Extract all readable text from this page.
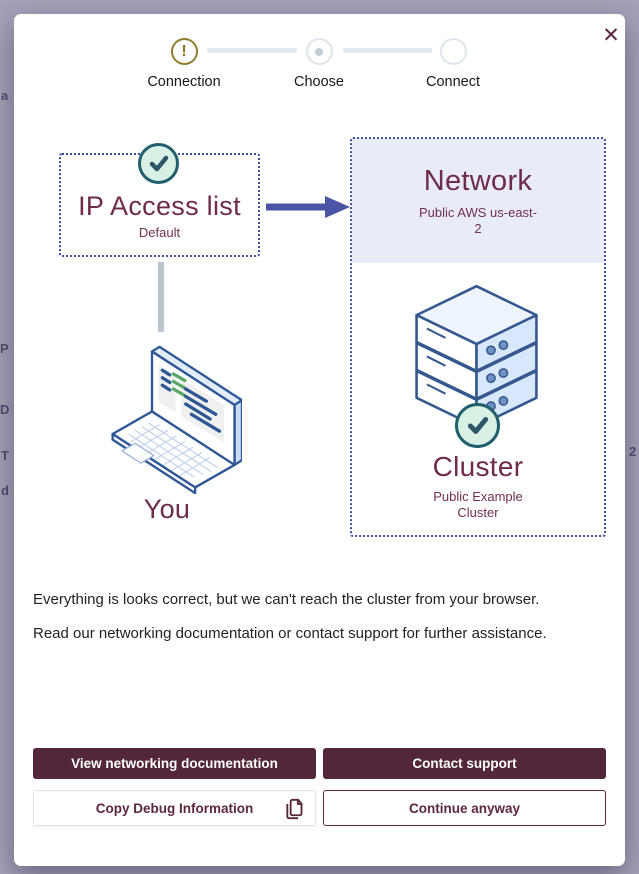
a
P
D
T
d
2
✕
!
Connection	Choose	Connect
IP Access list
Default
You
Network
Public AWS us-east-2
Cluster
Public Example Cluster

Everything is looks correct, but we can't reach the cluster from your browser.

Read our networking documentation or contact support for further assistance.

View networking documentation	Contact support
Copy Debug Information	Continue anyway
